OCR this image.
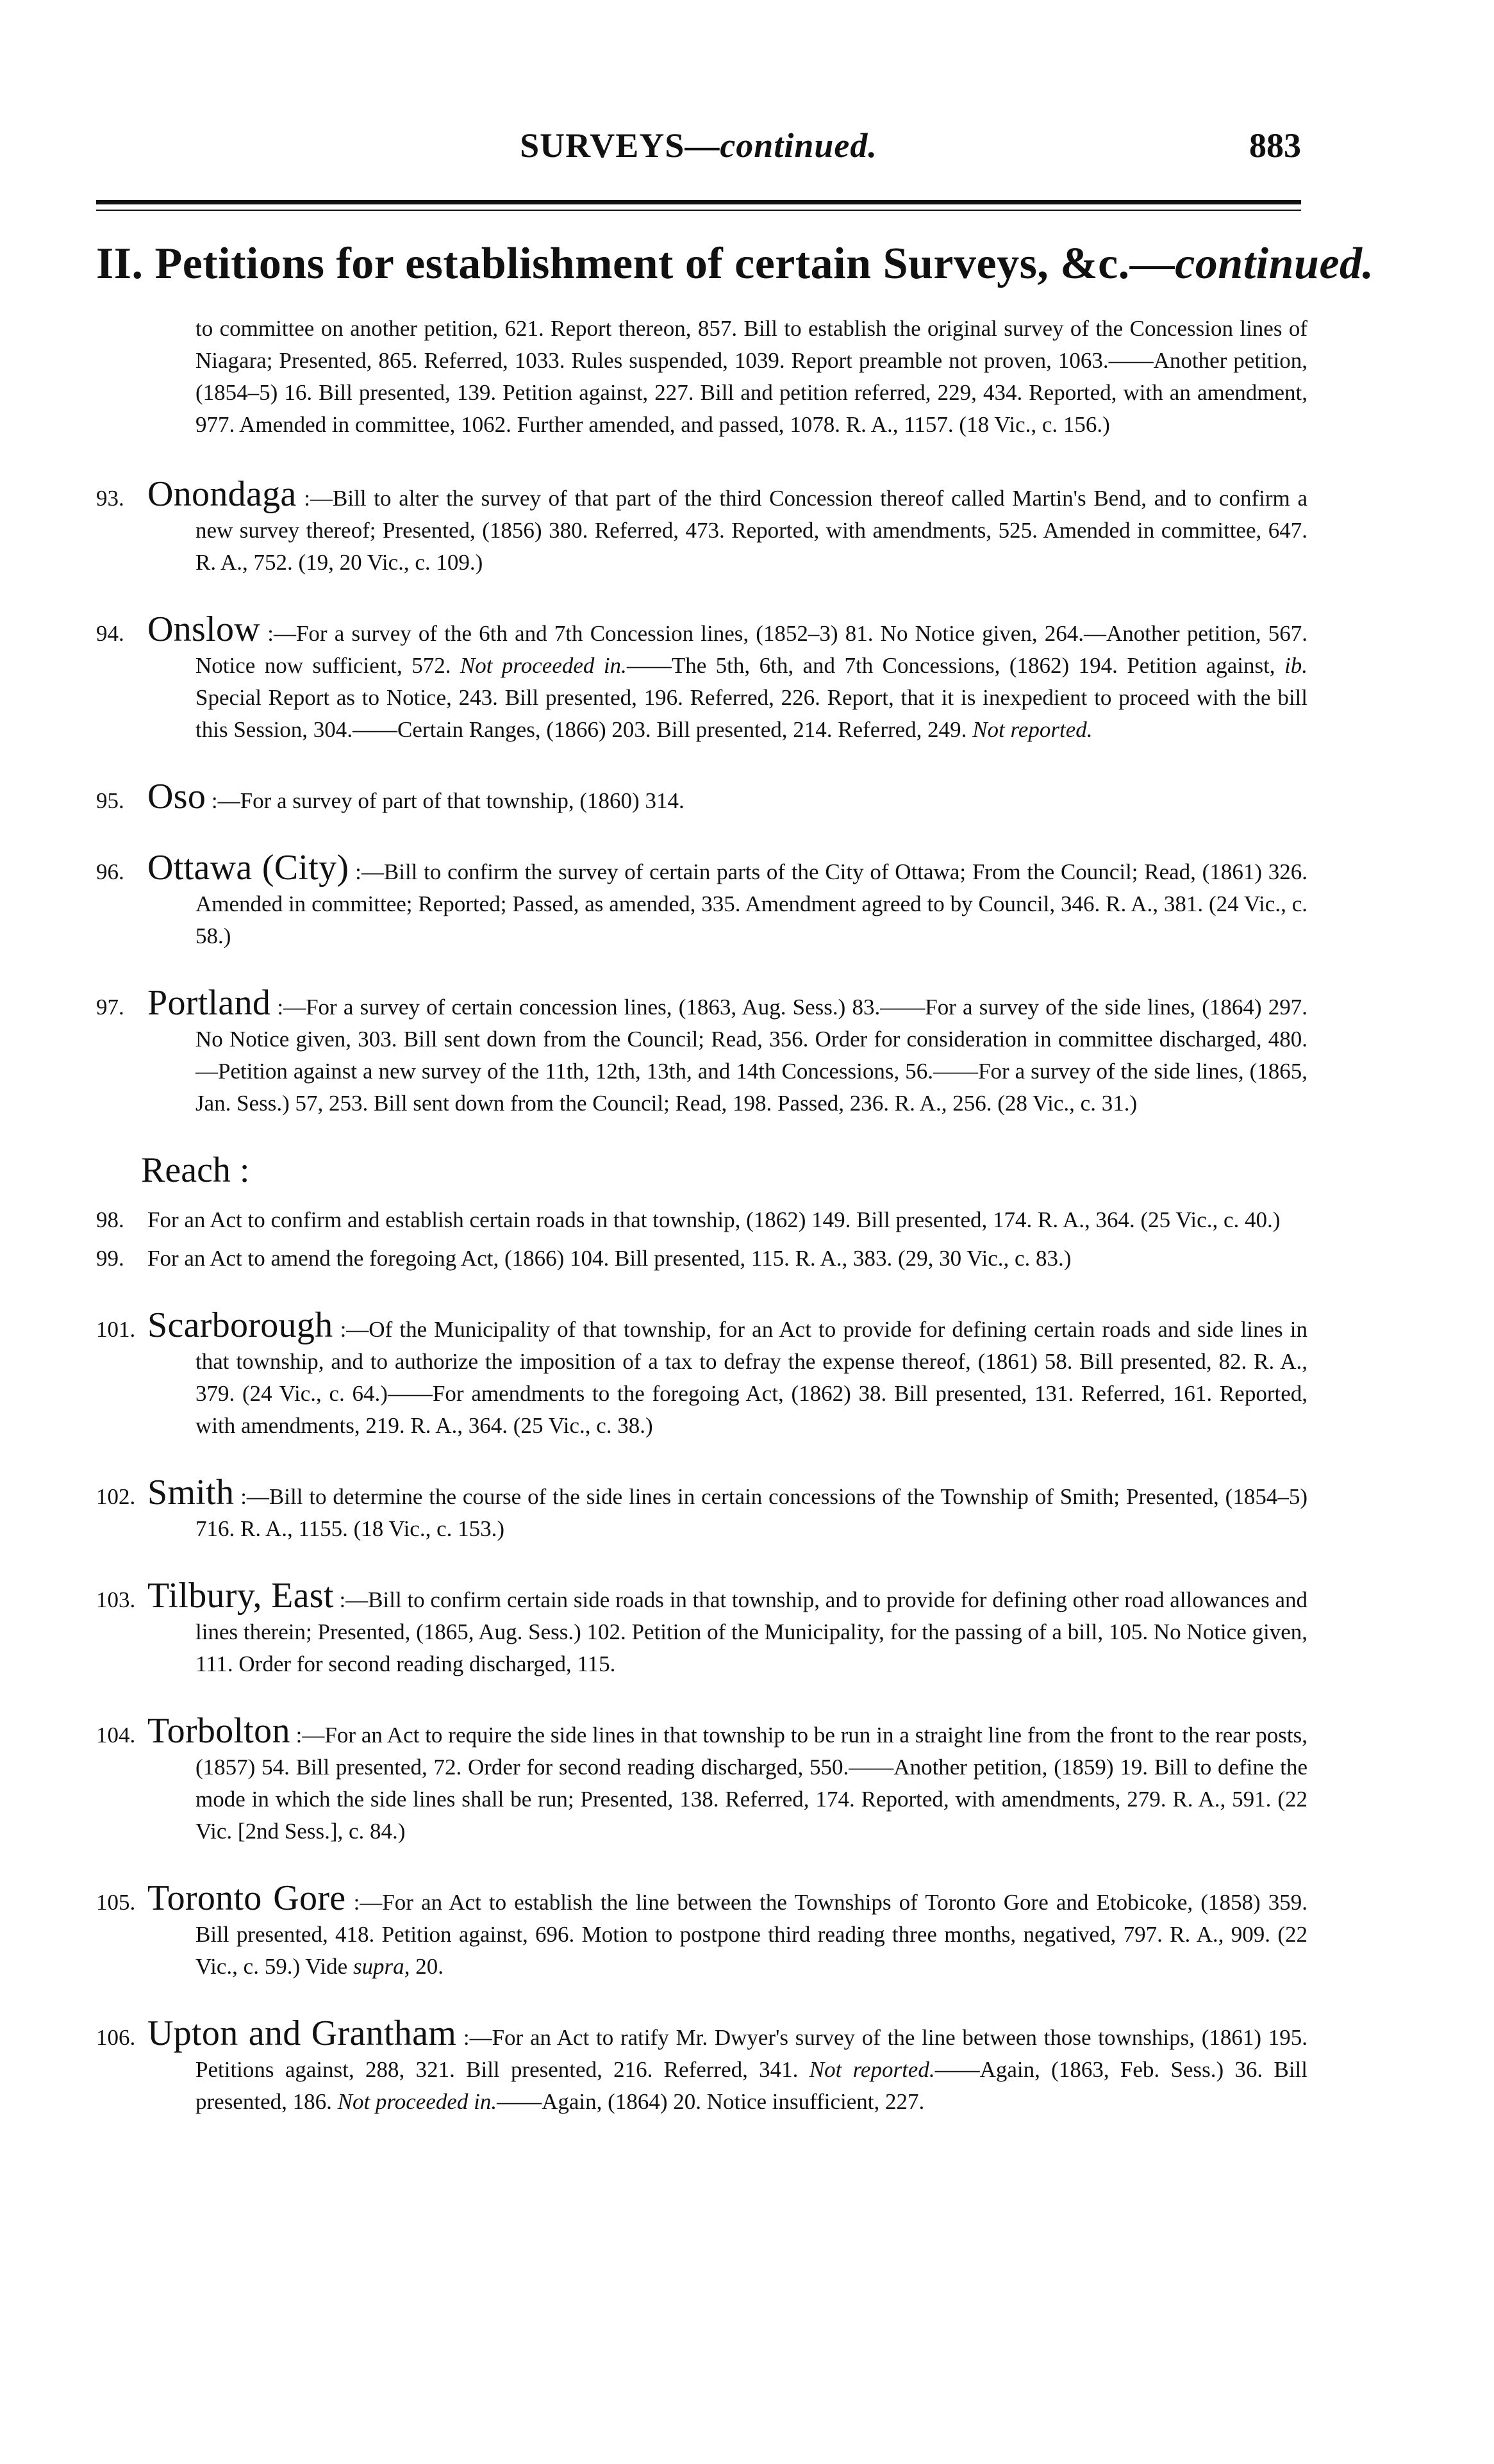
SURVEYS—continued.	883
II. Petitions for establishment of certain Surveys, &c.—continued.

to committee on another petition, 621. Report thereon, 857. Bill to establish the original survey of the Concession lines of Niagara; Presented, 865. Referred, 1033. Rules suspended, 1039. Report preamble not proven, 1063.——Another petition, (1854–5) 16. Bill presented, 139. Petition against, 227. Bill and petition referred, 229, 434. Reported, with an amendment, 977. Amended in committee, 1062. Further amended, and passed, 1078. R. A., 1157. (18 Vic., c. 156.)

93. Onondaga :—Bill to alter the survey of that part of the third Concession thereof called Martin's Bend, and to confirm a new survey thereof; Presented, (1856) 380. Referred, 473. Reported, with amendments, 525. Amended in committee, 647. R. A., 752. (19, 20 Vic., c. 109.)

94. Onslow :—For a survey of the 6th and 7th Concession lines, (1852–3) 81. No Notice given, 264.—Another petition, 567. Notice now sufficient, 572. Not proceeded in.——The 5th, 6th, and 7th Concessions, (1862) 194. Petition against, ib. Special Report as to Notice, 243. Bill presented, 196. Referred, 226. Report, that it is inexpedient to proceed with the bill this Session, 304.——Certain Ranges, (1866) 203. Bill presented, 214. Referred, 249. Not reported.

95. Oso :—For a survey of part of that township, (1860) 314.

96. Ottawa (City) :—Bill to confirm the survey of certain parts of the City of Ottawa; From the Council; Read, (1861) 326. Amended in committee; Reported; Passed, as amended, 335. Amendment agreed to by Council, 346. R. A., 381. (24 Vic., c. 58.)

97. Portland :—For a survey of certain concession lines, (1863, Aug. Sess.) 83.——For a survey of the side lines, (1864) 297. No Notice given, 303. Bill sent down from the Council; Read, 356. Order for consideration in committee discharged, 480.—Petition against a new survey of the 11th, 12th, 13th, and 14th Concessions, 56.——For a survey of the side lines, (1865, Jan. Sess.) 57, 253. Bill sent down from the Council; Read, 198. Passed, 236. R. A., 256. (28 Vic., c. 31.)

Reach :

98. For an Act to confirm and establish certain roads in that township, (1862) 149. Bill presented, 174. R. A., 364. (25 Vic., c. 40.)

99. For an Act to amend the foregoing Act, (1866) 104. Bill presented, 115. R. A., 383. (29, 30 Vic., c. 83.)

101. Scarborough :—Of the Municipality of that township, for an Act to provide for defining certain roads and side lines in that township, and to authorize the imposition of a tax to defray the expense thereof, (1861) 58. Bill presented, 82. R. A., 379. (24 Vic., c. 64.)——For amendments to the foregoing Act, (1862) 38. Bill presented, 131. Referred, 161. Reported, with amendments, 219. R. A., 364. (25 Vic., c. 38.)

102. Smith :—Bill to determine the course of the side lines in certain concessions of the Township of Smith; Presented, (1854–5) 716. R. A., 1155. (18 Vic., c. 153.)

103. Tilbury, East :—Bill to confirm certain side roads in that township, and to provide for defining other road allowances and lines therein; Presented, (1865, Aug. Sess.) 102. Petition of the Municipality, for the passing of a bill, 105. No Notice given, 111. Order for second reading discharged, 115.

104. Torbolton :—For an Act to require the side lines in that township to be run in a straight line from the front to the rear posts, (1857) 54. Bill presented, 72. Order for second reading discharged, 550.——Another petition, (1859) 19. Bill to define the mode in which the side lines shall be run; Presented, 138. Referred, 174. Reported, with amendments, 279. R. A., 591. (22 Vic. [2nd Sess.], c. 84.)

105. Toronto Gore :—For an Act to establish the line between the Townships of Toronto Gore and Etobicoke, (1858) 359. Bill presented, 418. Petition against, 696. Motion to postpone third reading three months, negatived, 797. R. A., 909. (22 Vic., c. 59.) Vide supra, 20.

106. Upton and Grantham :—For an Act to ratify Mr. Dwyer's survey of the line between those townships, (1861) 195. Petitions against, 288, 321. Bill presented, 216. Referred, 341. Not reported.——Again, (1863, Feb. Sess.) 36. Bill presented, 186. Not proceeded in.——Again, (1864) 20. Notice insufficient, 227.
